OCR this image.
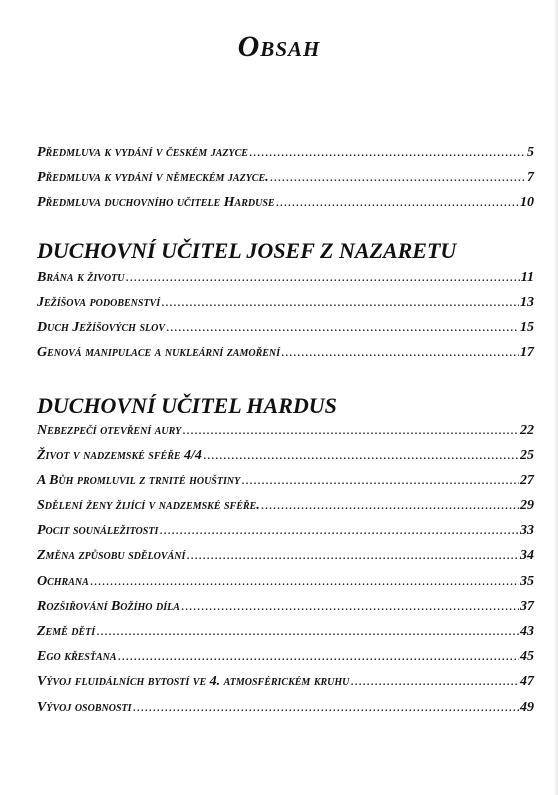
Obsah
Předmluva k vydání v českém jazyce .....	5
Předmluva k vydání v německém jazyce. .....	7
Předmluva duchovního učitele Harduse .....	10
DUCHOVNÍ UČITEL JOSEF Z NAZARETU
Brána k životu .....	11
Ježíšova podobenství .....	13
Duch Ježíšových slov .....	15
Genová manipulace a nukleární zamoření .....	17
DUCHOVNÍ UČITEL HARDUS
Nebezpečí otevření aury .....	22
Život v nadzemské sféře 4/4 .....	25
A Bůh promluvil z trnité houštiny .....	27
Sdělení ženy žijící v nadzemské sféře. .....	29
Pocit sounáležitosti .....	33
Změna způsobu sdělování .....	34
Ochrana .....	35
Rozšiřování Božího díla .....	37
Země dětí .....	43
Ego křesťana .....	45
Vývoj fluidálních bytostí ve 4. atmosférickém kruhu .....	47
Vývoj osobnosti .....	49
